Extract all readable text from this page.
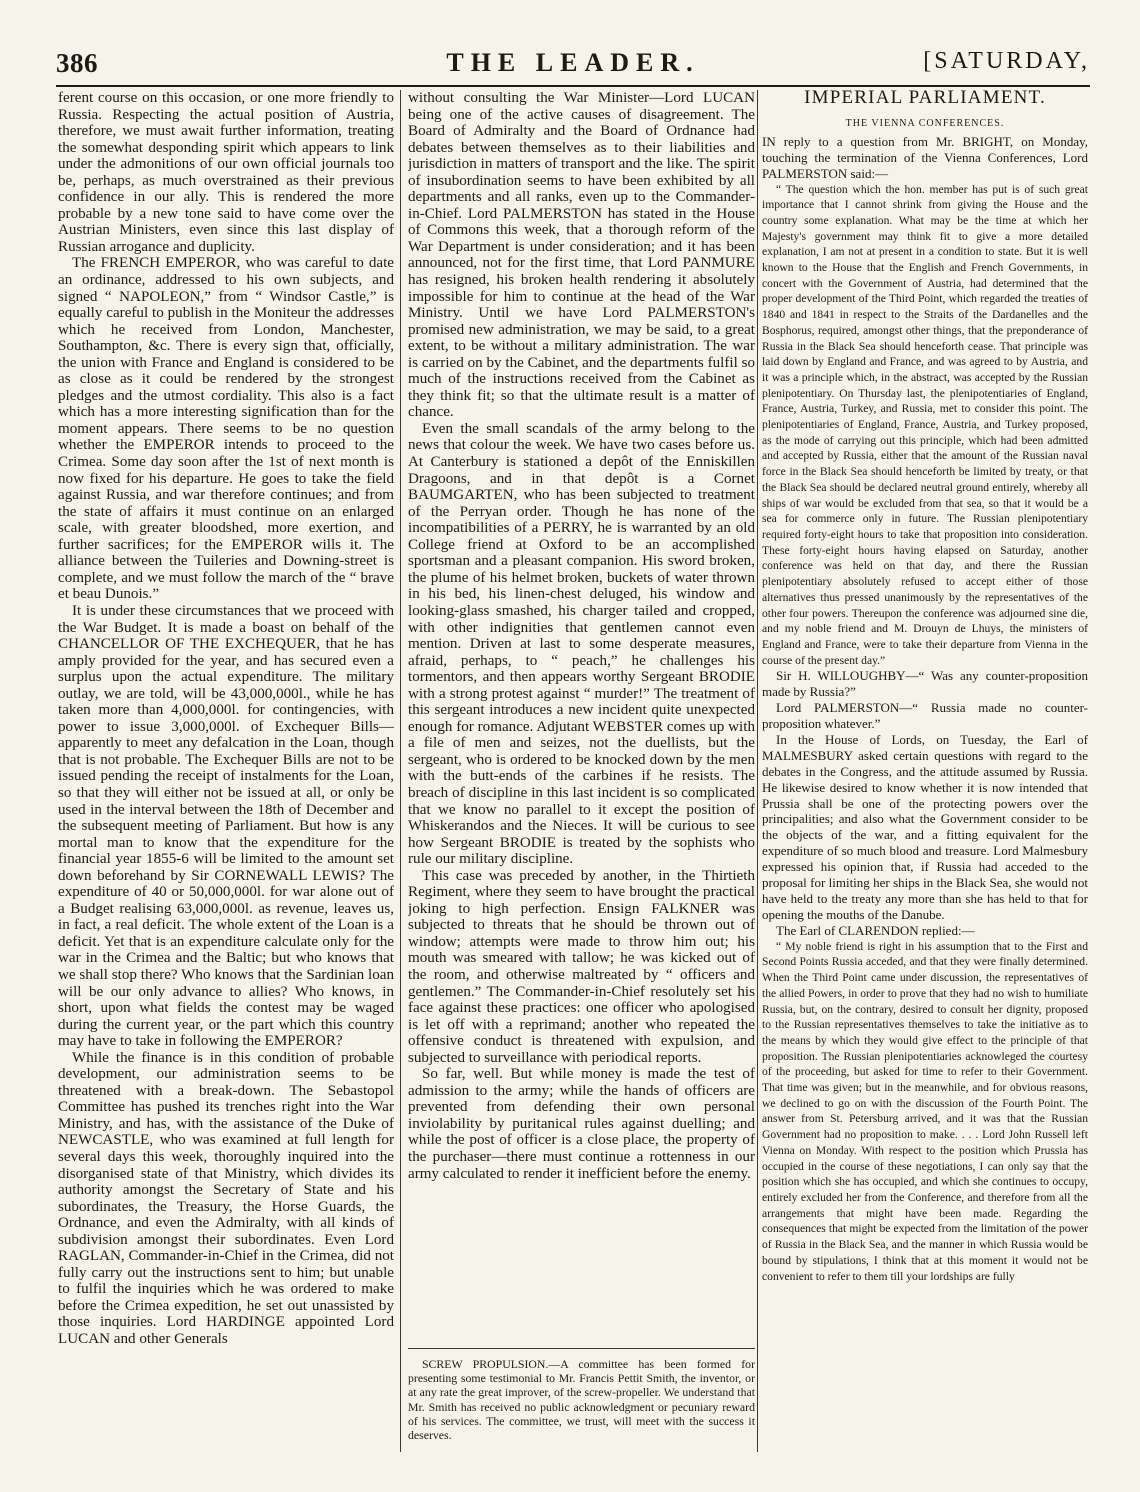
386	THE LEADER.	[SATURDAY,

ferent course on this occasion, or one more friendly to Russia. Respecting the actual position of Austria, therefore, we must await further information, treating the somewhat desponding spirit which appears to link under the admonitions of our own official journals too be, perhaps, as much overstrained as their previous confidence in our ally. This is rendered the more probable by a new tone said to have come over the Austrian Ministers, even since this last display of Russian arrogance and duplicity.

The FRENCH EMPEROR, who was careful to date an ordinance, addressed to his own subjects, and signed “ NAPOLEON,” from “ Windsor Castle,” is equally careful to publish in the Moniteur the addresses which he received from London, Manchester, Southampton, &c. There is every sign that, officially, the union with France and England is considered to be as close as it could be rendered by the strongest pledges and the utmost cordiality. This also is a fact which has a more interesting signification than for the moment appears. There seems to be no question whether the EMPEROR intends to proceed to the Crimea. Some day soon after the 1st of next month is now fixed for his departure. He goes to take the field against Russia, and war therefore continues; and from the state of affairs it must continue on an enlarged scale, with greater bloodshed, more exertion, and further sacrifices; for the EMPEROR wills it. The alliance between the Tuileries and Downing-street is complete, and we must follow the march of the “ brave et beau Dunois.”

It is under these circumstances that we proceed with the War Budget. It is made a boast on behalf of the CHANCELLOR OF THE EXCHEQUER, that he has amply provided for the year, and has secured even a surplus upon the actual expenditure. The military outlay, we are told, will be 43,000,000l., while he has taken more than 4,000,000l. for contingencies, with power to issue 3,000,000l. of Exchequer Bills—apparently to meet any defalcation in the Loan, though that is not probable. The Exchequer Bills are not to be issued pending the receipt of instalments for the Loan, so that they will either not be issued at all, or only be used in the interval between the 18th of December and the subsequent meeting of Parliament. But how is any mortal man to know that the expenditure for the financial year 1855-6 will be limited to the amount set down beforehand by Sir CORNEWALL LEWIS? The expenditure of 40 or 50,000,000l. for war alone out of a Budget realising 63,000,000l. as revenue, leaves us, in fact, a real deficit. The whole extent of the Loan is a deficit. Yet that is an expenditure calculate only for the war in the Crimea and the Baltic; but who knows that we shall stop there? Who knows that the Sardinian loan will be our only advance to allies? Who knows, in short, upon what fields the contest may be waged during the current year, or the part which this country may have to take in following the EMPEROR?

While the finance is in this condition of probable development, our administration seems to be threatened with a break-down. The Sebastopol Committee has pushed its trenches right into the War Ministry, and has, with the assistance of the Duke of NEWCASTLE, who was examined at full length for several days this week, thoroughly inquired into the disorganised state of that Ministry, which divides its authority amongst the Secretary of State and his subordinates, the Treasury, the Horse Guards, the Ordnance, and even the Admiralty, with all kinds of subdivision amongst their subordinates. Even Lord RAGLAN, Commander-in-Chief in the Crimea, did not fully carry out the instructions sent to him; but unable to fulfil the inquiries which he was ordered to make before the Crimea expedition, he set out unassisted by those inquiries. Lord HARDINGE appointed Lord LUCAN and other Generals

without consulting the War Minister—Lord LUCAN being one of the active causes of disagreement. The Board of Admiralty and the Board of Ordnance had debates between themselves as to their liabilities and jurisdiction in matters of transport and the like. The spirit of insubordination seems to have been exhibited by all departments and all ranks, even up to the Commander-in-Chief. Lord PALMERSTON has stated in the House of Commons this week, that a thorough reform of the War Department is under consideration; and it has been announced, not for the first time, that Lord PANMURE has resigned, his broken health rendering it absolutely impossible for him to continue at the head of the War Ministry. Until we have Lord PALMERSTON's promised new administration, we may be said, to a great extent, to be without a military administration. The war is carried on by the Cabinet, and the departments fulfil so much of the instructions received from the Cabinet as they think fit; so that the ultimate result is a matter of chance.

Even the small scandals of the army belong to the news that colour the week. We have two cases before us. At Canterbury is stationed a depôt of the Enniskillen Dragoons, and in that depôt is a Cornet BAUMGARTEN, who has been subjected to treatment of the Perryan order. Though he has none of the incompatibilities of a PERRY, he is warranted by an old College friend at Oxford to be an accomplished sportsman and a pleasant companion. His sword broken, the plume of his helmet broken, buckets of water thrown in his bed, his linen-chest deluged, his window and looking-glass smashed, his charger tailed and cropped, with other indignities that gentlemen cannot even mention. Driven at last to some desperate measures, afraid, perhaps, to “ peach,” he challenges his tormentors, and then appears worthy Sergeant BRODIE with a strong protest against “ murder!” The treatment of this sergeant introduces a new incident quite unexpected enough for romance. Adjutant WEBSTER comes up with a file of men and seizes, not the duellists, but the sergeant, who is ordered to be knocked down by the men with the butt-ends of the carbines if he resists. The breach of discipline in this last incident is so complicated that we know no parallel to it except the position of Whiskerandos and the Nieces. It will be curious to see how Sergeant BRODIE is treated by the sophists who rule our military discipline.

This case was preceded by another, in the Thirtieth Regiment, where they seem to have brought the practical joking to high perfection. Ensign FALKNER was subjected to threats that he should be thrown out of window; attempts were made to throw him out; his mouth was smeared with tallow; he was kicked out of the room, and otherwise maltreated by “ officers and gentlemen.” The Commander-in-Chief resolutely set his face against these practices: one officer who apologised is let off with a reprimand; another who repeated the offensive conduct is threatened with expulsion, and subjected to surveillance with periodical reports.

So far, well. But while money is made the test of admission to the army; while the hands of officers are prevented from defending their own personal inviolability by puritanical rules against duelling; and while the post of officer is a close place, the property of the purchaser—there must continue a rottenness in our army calculated to render it inefficient before the enemy.

SCREW PROPULSION.—A committee has been formed for presenting some testimonial to Mr. Francis Pettit Smith, the inventor, or at any rate the great improver, of the screw-propeller. We understand that Mr. Smith has received no public acknowledgment or pecuniary reward of his services. The committee, we trust, will meet with the success it deserves.

IMPERIAL PARLIAMENT.

THE VIENNA CONFERENCES.

IN reply to a question from Mr. BRIGHT, on Monday, touching the termination of the Vienna Conferences, Lord PALMERSTON said:—

“ The question which the hon. member has put is of such great importance that I cannot shrink from giving the House and the country some explanation. What may be the time at which her Majesty's government may think fit to give a more detailed explanation, I am not at present in a condition to state. But it is well known to the House that the English and French Governments, in concert with the Government of Austria, had determined that the proper development of the Third Point, which regarded the treaties of 1840 and 1841 in respect to the Straits of the Dardanelles and the Bosphorus, required, amongst other things, that the preponderance of Russia in the Black Sea should henceforth cease. That principle was laid down by England and France, and was agreed to by Austria, and it was a principle which, in the abstract, was accepted by the Russian plenipotentiary. On Thursday last, the plenipotentiaries of England, France, Austria, Turkey, and Russia, met to consider this point. The plenipotentiaries of England, France, Austria, and Turkey proposed, as the mode of carrying out this principle, which had been admitted and accepted by Russia, either that the amount of the Russian naval force in the Black Sea should henceforth be limited by treaty, or that the Black Sea should be declared neutral ground entirely, whereby all ships of war would be excluded from that sea, so that it would be a sea for commerce only in future. The Russian plenipotentiary required forty-eight hours to take that proposition into consideration. These forty-eight hours having elapsed on Saturday, another conference was held on that day, and there the Russian plenipotentiary absolutely refused to accept either of those alternatives thus pressed unanimously by the representatives of the other four powers. Thereupon the conference was adjourned sine die, and my noble friend and M. Drouyn de Lhuys, the ministers of England and France, were to take their departure from Vienna in the course of the present day.”

Sir H. WILLOUGHBY—“ Was any counter-proposition made by Russia?”

Lord PALMERSTON—“ Russia made no counter-proposition whatever.”

In the House of Lords, on Tuesday, the Earl of MALMESBURY asked certain questions with regard to the debates in the Congress, and the attitude assumed by Russia. He likewise desired to know whether it is now intended that Prussia shall be one of the protecting powers over the principalities; and also what the Government consider to be the objects of the war, and a fitting equivalent for the expenditure of so much blood and treasure. Lord Malmesbury expressed his opinion that, if Russia had acceded to the proposal for limiting her ships in the Black Sea, she would not have held to the treaty any more than she has held to that for opening the mouths of the Danube.

The Earl of CLARENDON replied:—

“ My noble friend is right in his assumption that to the First and Second Points Russia acceded, and that they were finally determined. When the Third Point came under discussion, the representatives of the allied Powers, in order to prove that they had no wish to humiliate Russia, but, on the contrary, desired to consult her dignity, proposed to the Russian representatives themselves to take the initiative as to the means by which they would give effect to the principle of that proposition. The Russian plenipotentiaries acknowleged the courtesy of the proceeding, but asked for time to refer to their Government. That time was given; but in the meanwhile, and for obvious reasons, we declined to go on with the discussion of the Fourth Point. The answer from St. Petersburg arrived, and it was that the Russian Government had no proposition to make. . . . Lord John Russell left Vienna on Monday. With respect to the position which Prussia has occupied in the course of these negotiations, I can only say that the position which she has occupied, and which she continues to occupy, entirely excluded her from the Conference, and therefore from all the arrangements that might have been made. Regarding the consequences that might be expected from the limitation of the power of Russia in the Black Sea, and the manner in which Russia would be bound by stipulations, I think that at this moment it would not be convenient to refer to them till your lordships are fully
